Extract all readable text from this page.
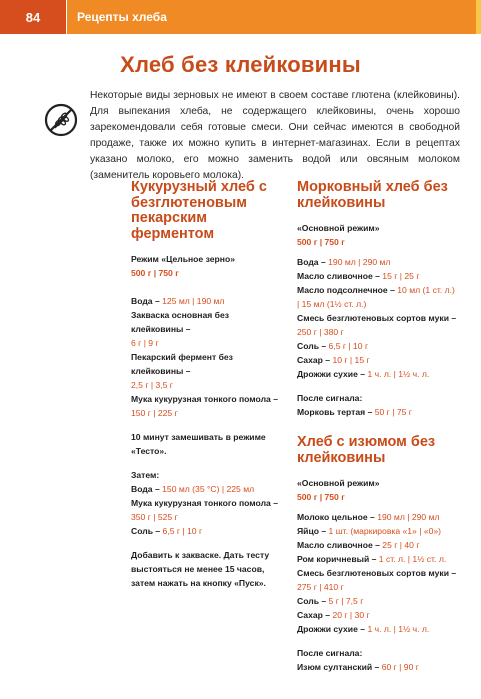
84	Рецепты хлеба
Хлеб без клейковины
Некоторые виды зерновых не имеют в своем составе глютена (клейковины). Для выпекания хлеба, не содержащего клейковины, очень хорошо зарекомендовали себя готовые смеси. Они сейчас имеются в свободной продаже, также их можно купить в интернет-магазинах. Если в рецептах указано молоко, его можно заменить водой или овсяным молоком (заменитель коровьего молока).
Кукурузный хлеб с безглютеновым пекарским ферментом
Режим «Цельное зерно»
500 г | 750 г
Вода – 125 мл | 190 мл
Закваска основная без клейковины –
6 г | 9 г
Пекарский фермент без клейковины –
2,5 г | 3,5 г
Мука кукурузная тонкого помола –
150 г | 225 г
10 минут замешивать в режиме «Тесто».
Затем:
Вода – 150 мл (35 °С) | 225 мл
Мука кукурузная тонкого помола –
350 г | 525 г
Соль – 6,5 г | 10 г
Добавить к закваске. Дать тесту выстояться не менее 15 часов, затем нажать на кнопку «Пуск».
Морковный хлеб без клейковины
«Основной режим»
500 г | 750 г
Вода – 190 мл | 290 мл
Масло сливочное – 15 г | 25 г
Масло подсолнечное – 10 мл (1 ст. л.)
| 15 мл (1½ ст. л.)
Смесь безглютеновых сортов муки –
250 г | 380 г
Соль – 6,5 г | 10 г
Сахар – 10 г | 15 г
Дрожжи сухие – 1 ч. л. | 1½ ч. л.
После сигнала:
Морковь тертая – 50 г | 75 г
Хлеб с изюмом без клейковины
«Основной режим»
500 г | 750 г
Молоко цельное – 190 мл | 290 мл
Яйцо – 1 шт. (маркировка «1» | «0»)
Масло сливочное – 25 г | 40 г
Ром коричневый – 1 ст. л. | 1½ ст. л.
Смесь безглютеновых сортов муки –
275 г | 410 г
Соль – 5 г | 7,5 г
Сахар – 20 г | 30 г
Дрожжи сухие – 1 ч. л. | 1½ ч. л.
После сигнала:
Изюм султанский – 60 г | 90 г
